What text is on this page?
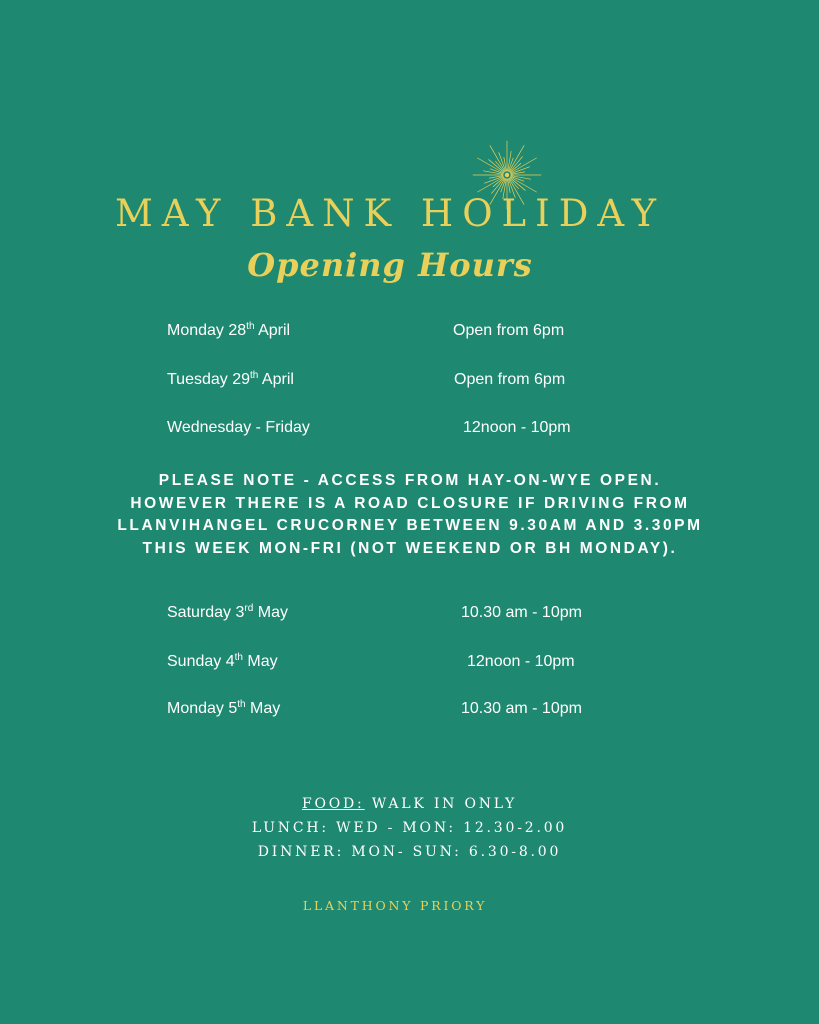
MAY BANK HOLIDAY
Opening Hours
Monday 28th April	Open from 6pm
Tuesday 29th April	Open from 6pm
Wednesday - Friday	12noon - 10pm
PLEASE NOTE - ACCESS FROM HAY-ON-WYE OPEN.
HOWEVER THERE IS A ROAD CLOSURE IF DRIVING FROM
LLANVIHANGEL CRUCORNEY BETWEEN 9.30AM AND 3.30PM
THIS WEEK MON-FRI (NOT WEEKEND OR BH MONDAY).
Saturday 3rd May	10.30 am - 10pm
Sunday 4th May	12noon - 10pm
Monday 5th May	10.30 am - 10pm
FOOD: WALK IN ONLY
LUNCH: WED - MON: 12.30-2.00
DINNER: MON- SUN: 6.30-8.00
LLANTHONY PRIORY
